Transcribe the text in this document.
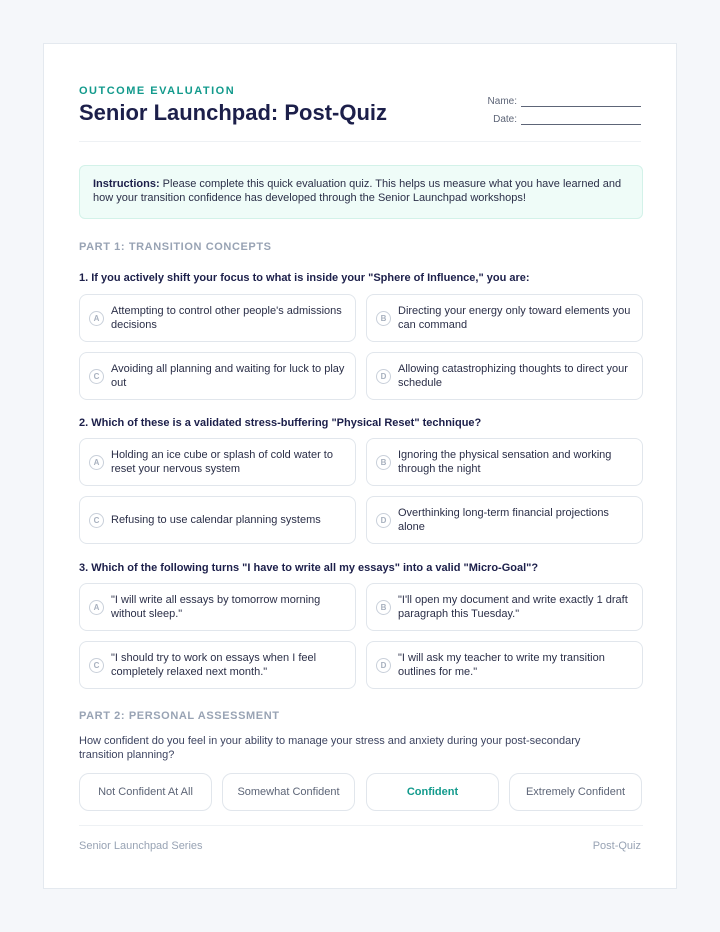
OUTCOME EVALUATION
Senior Launchpad: Post-Quiz	Name:
Date:
Instructions: Please complete this quick evaluation quiz. This helps us measure what you have learned and how your transition confidence has developed through the Senior Launchpad workshops!
PART 1: TRANSITION CONCEPTS
1. If you actively shift your focus to what is inside your "Sphere of Influence," you are:
A
Attempting to control other people's admissions decisions
B
Directing your energy only toward elements you can command
C
Avoiding all planning and waiting for luck to play out
D
Allowing catastrophizing thoughts to direct your schedule
2. Which of these is a validated stress-buffering "Physical Reset" technique?
A
Holding an ice cube or splash of cold water to reset your nervous system
B
Ignoring the physical sensation and working through the night
C	Refusing to use calendar planning systems	D
Overthinking long-term financial projections alone
3. Which of the following turns "I have to write all my essays" into a valid "Micro-Goal"?
A
"I will write all essays by tomorrow morning without sleep."
B
"I'll open my document and write exactly 1 draft paragraph this Tuesday."
C
"I should try to work on essays when I feel completely relaxed next month."
D
"I will ask my teacher to write my transition outlines for me."
PART 2: PERSONAL ASSESSMENT
How confident do you feel in your ability to manage your stress and anxiety during your post-secondary transition planning?
Not Confident At All	Somewhat Confident	Confident	Extremely Confident
Senior Launchpad Series	Post-Quiz
